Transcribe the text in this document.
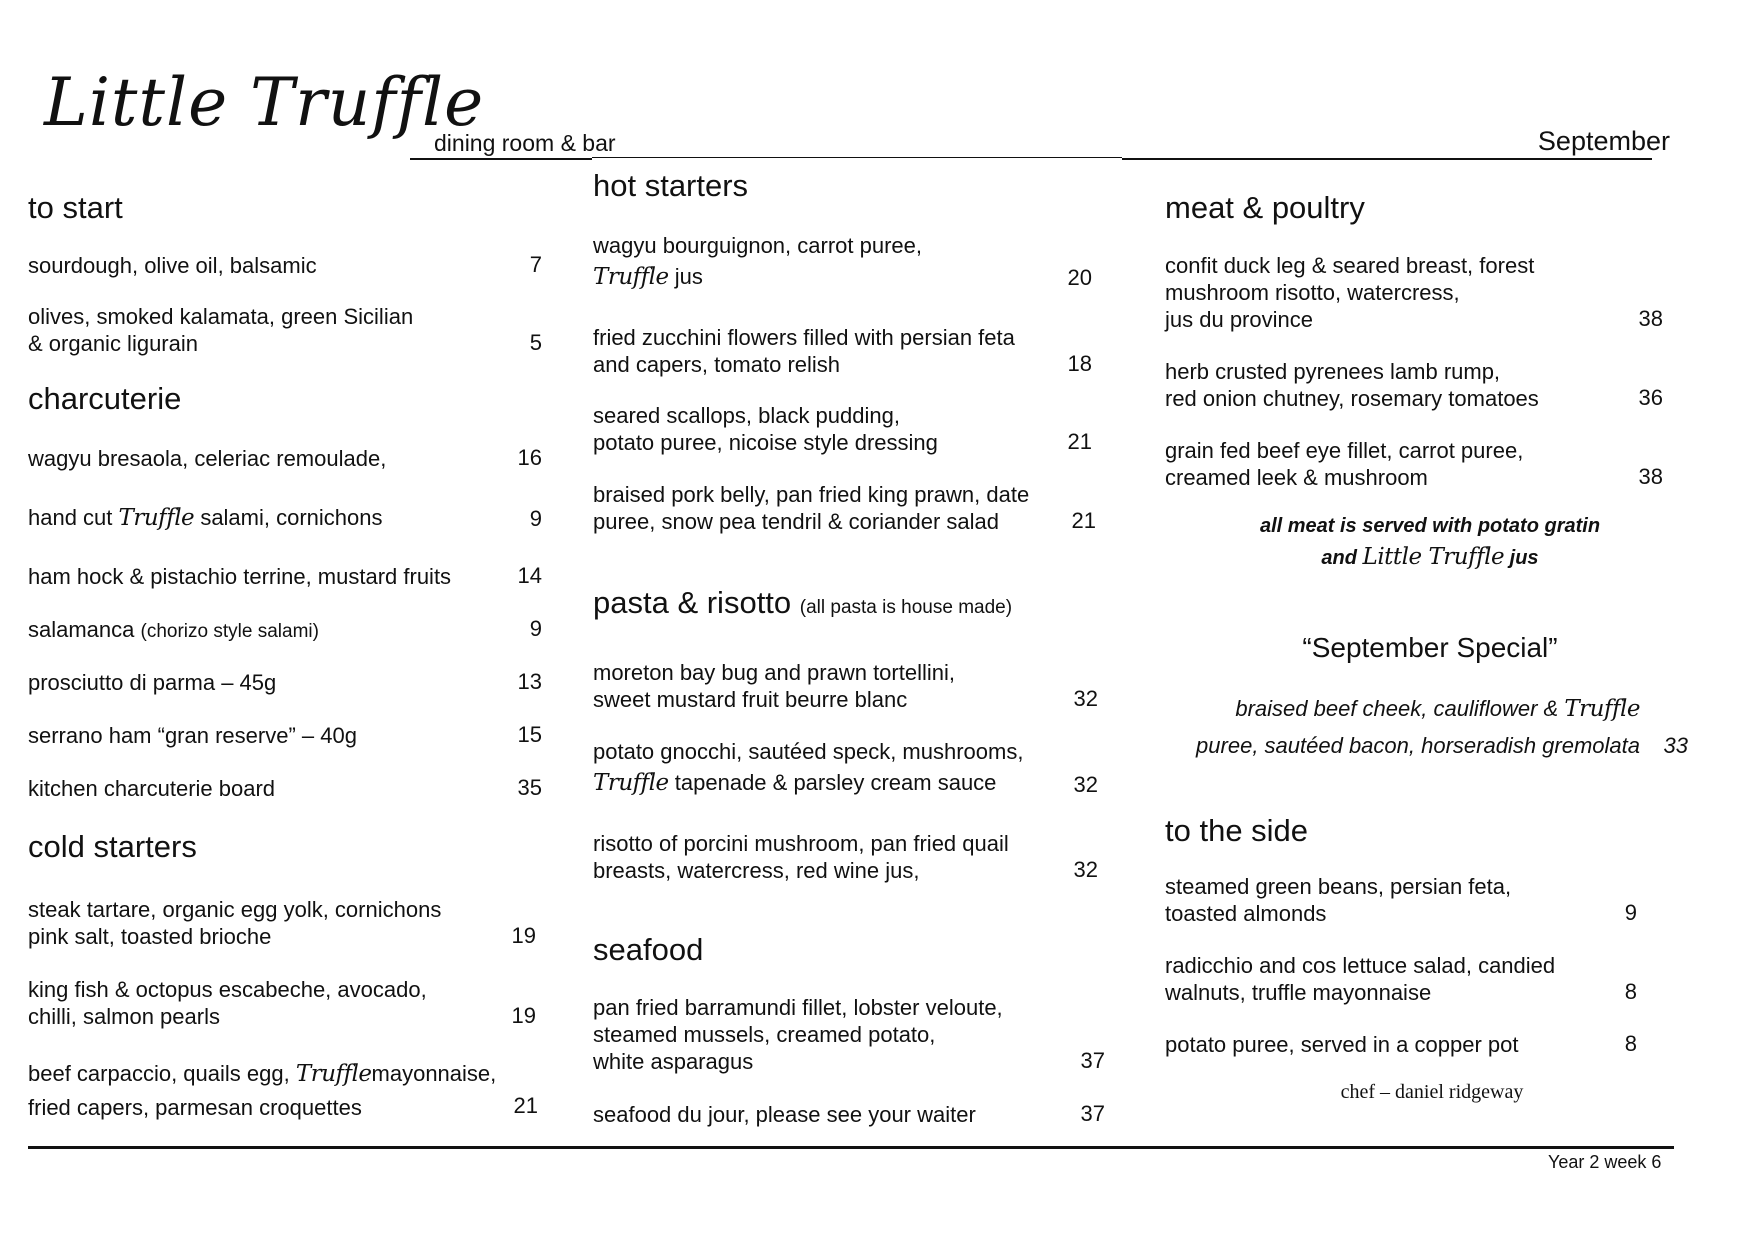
Little Truffle
dining room & bar	September
to start
sourdough, olive oil, balsamic	7
olives, smoked kalamata, green Sicilian
& organic ligurain	5
charcuterie
wagyu bresaola, celeriac remoulade,	16
hand cut Truffle salami, cornichons	9
ham hock & pistachio terrine, mustard fruits	14
salamanca (chorizo style salami)	9
prosciutto di parma – 45g	13
serrano ham “gran reserve” – 40g	15
kitchen charcuterie board	35
cold starters
steak tartare, organic egg yolk, cornichons
pink salt, toasted brioche	19
king fish & octopus escabeche, avocado,
chilli, salmon pearls	19
beef carpaccio, quails egg, Trufflemayonnaise,
fried capers, parmesan croquettes	21
hot starters
wagyu bourguignon, carrot puree,
Truffle jus	20
fried zucchini flowers filled with persian feta
and capers, tomato relish	18
seared scallops, black pudding,
potato puree, nicoise style dressing	21
braised pork belly, pan fried king prawn, date
puree, snow pea tendril & coriander salad	21
pasta & risotto (all pasta is house made)
moreton bay bug and prawn tortellini,
sweet mustard fruit beurre blanc	32
potato gnocchi, sautéed speck, mushrooms,
Truffle tapenade & parsley cream sauce	32
risotto of porcini mushroom, pan fried quail
breasts, watercress, red wine jus,	32
seafood
pan fried barramundi fillet, lobster veloute,
steamed mussels, creamed potato,
white asparagus	37
seafood du jour, please see your waiter	37
meat & poultry
confit duck leg & seared breast, forest
mushroom risotto, watercress,
jus du province	38
herb crusted pyrenees lamb rump,
red onion chutney, rosemary tomatoes	36
grain fed beef eye fillet, carrot puree,
creamed leek & mushroom	38
all meat is served with potato gratin
and Little Truffle jus
“September Special”
braised beef cheek, cauliflower & Truffle
puree, sautéed bacon, horseradish gremolata	33
to the side
steamed green beans, persian feta,
toasted almonds	9
radicchio and cos lettuce salad, candied
walnuts, truffle mayonnaise	8
potato puree, served in a copper pot	8
chef – daniel ridgeway
Year 2 week 6
